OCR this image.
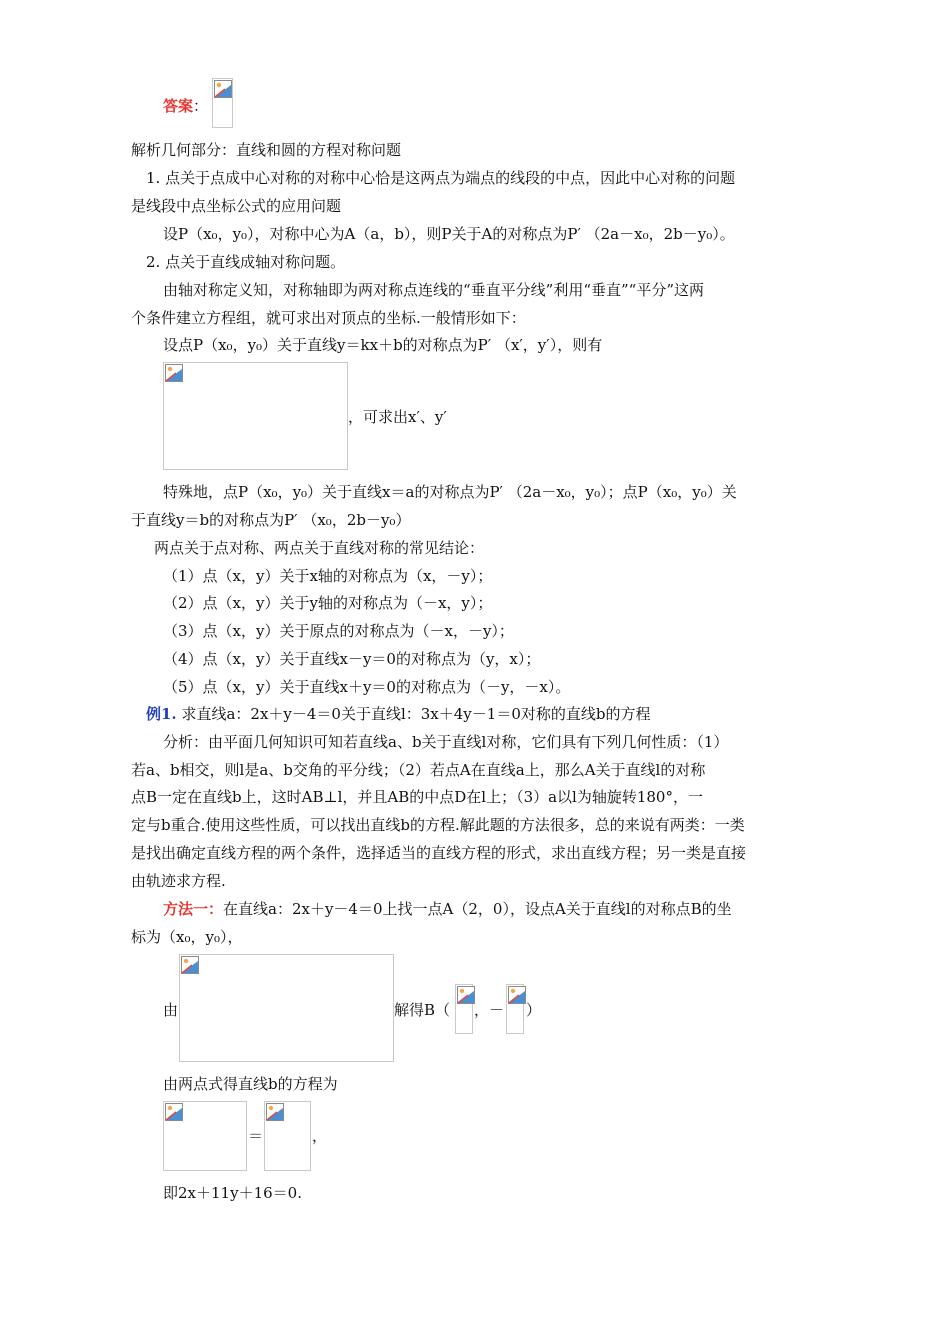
答案：
解析几何部分：直线和圆的方程对称问题
1. 点关于点成中心对称的对称中心恰是这两点为端点的线段的中点，因此中心对称的问题
是线段中点坐标公式的应用问题
设P（x₀，y₀），对称中心为A（a，b），则P关于A的对称点为P′ （2a－x₀，2b－y₀）。
2. 点关于直线成轴对称问题。
由轴对称定义知，对称轴即为两对称点连线的“垂直平分线”利用“垂直”“平分”这两
个条件建立方程组，就可求出对顶点的坐标.一般情形如下：
设点P（x₀，y₀）关于直线y＝kx＋b的对称点为P′ （x′，y′），则有
，可求出x′、y′
特殊地，点P（x₀，y₀）关于直线x＝a的对称点为P′ （2a－x₀，y₀）；点P（x₀，y₀）关
于直线y＝b的对称点为P′ （x₀，2b－y₀）
两点关于点对称、两点关于直线对称的常见结论：
（1）点（x，y）关于x轴的对称点为（x，－y）；
（2）点（x，y）关于y轴的对称点为（－x，y）；
（3）点（x，y）关于原点的对称点为（－x，－y）；
（4）点（x，y）关于直线x－y＝0的对称点为（y，x）；
（5）点（x，y）关于直线x＋y＝0的对称点为（－y，－x）。
例1. 求直线a：2x＋y－4＝0关于直线l：3x＋4y－1＝0对称的直线b的方程
分析：由平面几何知识可知若直线a、b关于直线l对称，它们具有下列几何性质：（1）
若a、b相交，则l是a、b交角的平分线；（2）若点A在直线a上，那么A关于直线l的对称
点B一定在直线b上，这时AB⊥l，并且AB的中点D在l上；（3）a以l为轴旋转180°，一
定与b重合.使用这些性质，可以找出直线b的方程.解此题的方法很多，总的来说有两类：一类
是找出确定直线方程的两个条件，选择适当的直线方程的形式，求出直线方程；另一类是直接
由轨迹求方程.
方法一：在直线a：2x＋y－4＝0上找一点A（2，0），设点A关于直线l的对称点B的坐
标为（x₀，y₀），
由	解得B（ ，－ ）
由两点式得直线b的方程为
＝	，
即2x＋11y＋16＝0.
